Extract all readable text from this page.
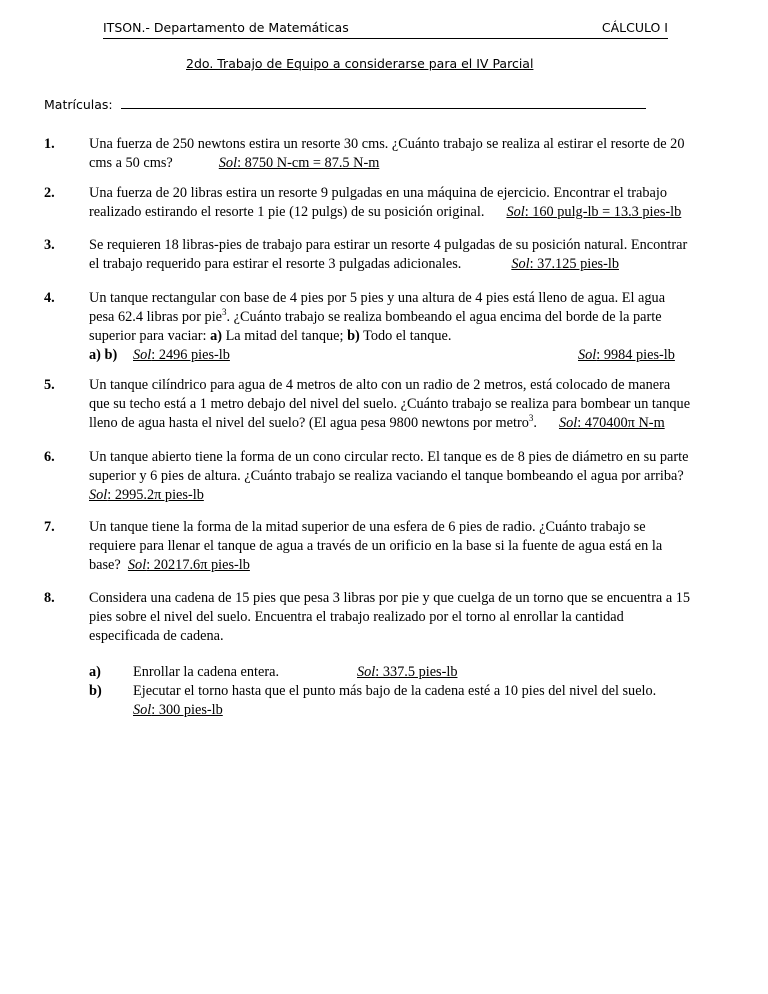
ITSON.- Departamento de Matemáticas	CÁLCULO I
2do. Trabajo de Equipo a considerarse para el IV Parcial
Matrículas:
1. Una fuerza de 250 newtons estira un resorte 30 cms. ¿Cuánto trabajo se realiza al estirar el resorte de 20
cms a 50 cms?	Sol: 8750 N-cm = 87.5 N-m
2. Una fuerza de 20 libras estira un resorte 9 pulgadas en una máquina de ejercicio. Encontrar el trabajo
realizado estirando el resorte 1 pie (12 pulgs) de su posición original. Sol: 160 pulg-lb = 13.3 pies-lb
3. Se requieren 18 libras-pies de trabajo para estirar un resorte 4 pulgadas de su posición natural. Encontrar
el trabajo requerido para estirar el resorte 3 pulgadas adicionales.	Sol: 37.125 pies-lb
4. Un tanque rectangular con base de 4 pies por 5 pies y una altura de 4 pies está lleno de agua. El agua
pesa 62.4 libras por pie$^3$. ¿Cuánto trabajo se realiza bombeando el agua encima del borde de la parte
superior para vaciar: a) La mitad del tanque; b) Todo el tanque.
a) Sol: 2496 pies-lb
b)	Sol: 9984 pies-lb
5. Un tanque cilíndrico para agua de 4 metros de alto con un radio de 2 metros, está colocado de manera
que su techo está a 1 metro debajo del nivel del suelo. ¿Cuánto trabajo se realiza para bombear un tanque
lleno de agua hasta el nivel del suelo? (El agua pesa 9800 newtons por metro$^3$. Sol: 470400π N-m
6. Un tanque abierto tiene la forma de un cono circular recto. El tanque es de 8 pies de diámetro en su parte
superior y 6 pies de altura. ¿Cuánto trabajo se realiza vaciando el tanque bombeando el agua por arriba?
Sol: 2995.2π pies-lb
7. Un tanque tiene la forma de la mitad superior de una esfera de 6 pies de radio. ¿Cuánto trabajo se
requiere para llenar el tanque de agua a través de un orificio en la base si la fuente de agua está en la
base? Sol: 20217.6π pies-lb
8. Considera una cadena de 15 pies que pesa 3 libras por pie y que cuelga de un torno que se encuentra a 15
pies sobre el nivel del suelo. Encuentra el trabajo realizado por el torno al enrollar la cantidad
especificada de cadena.
a) Enrollar la cadena entera.	Sol: 337.5 pies-lb
b) Ejecutar el torno hasta que el punto más bajo de la cadena esté a 10 pies del nivel del suelo.
Sol: 300 pies-lb
